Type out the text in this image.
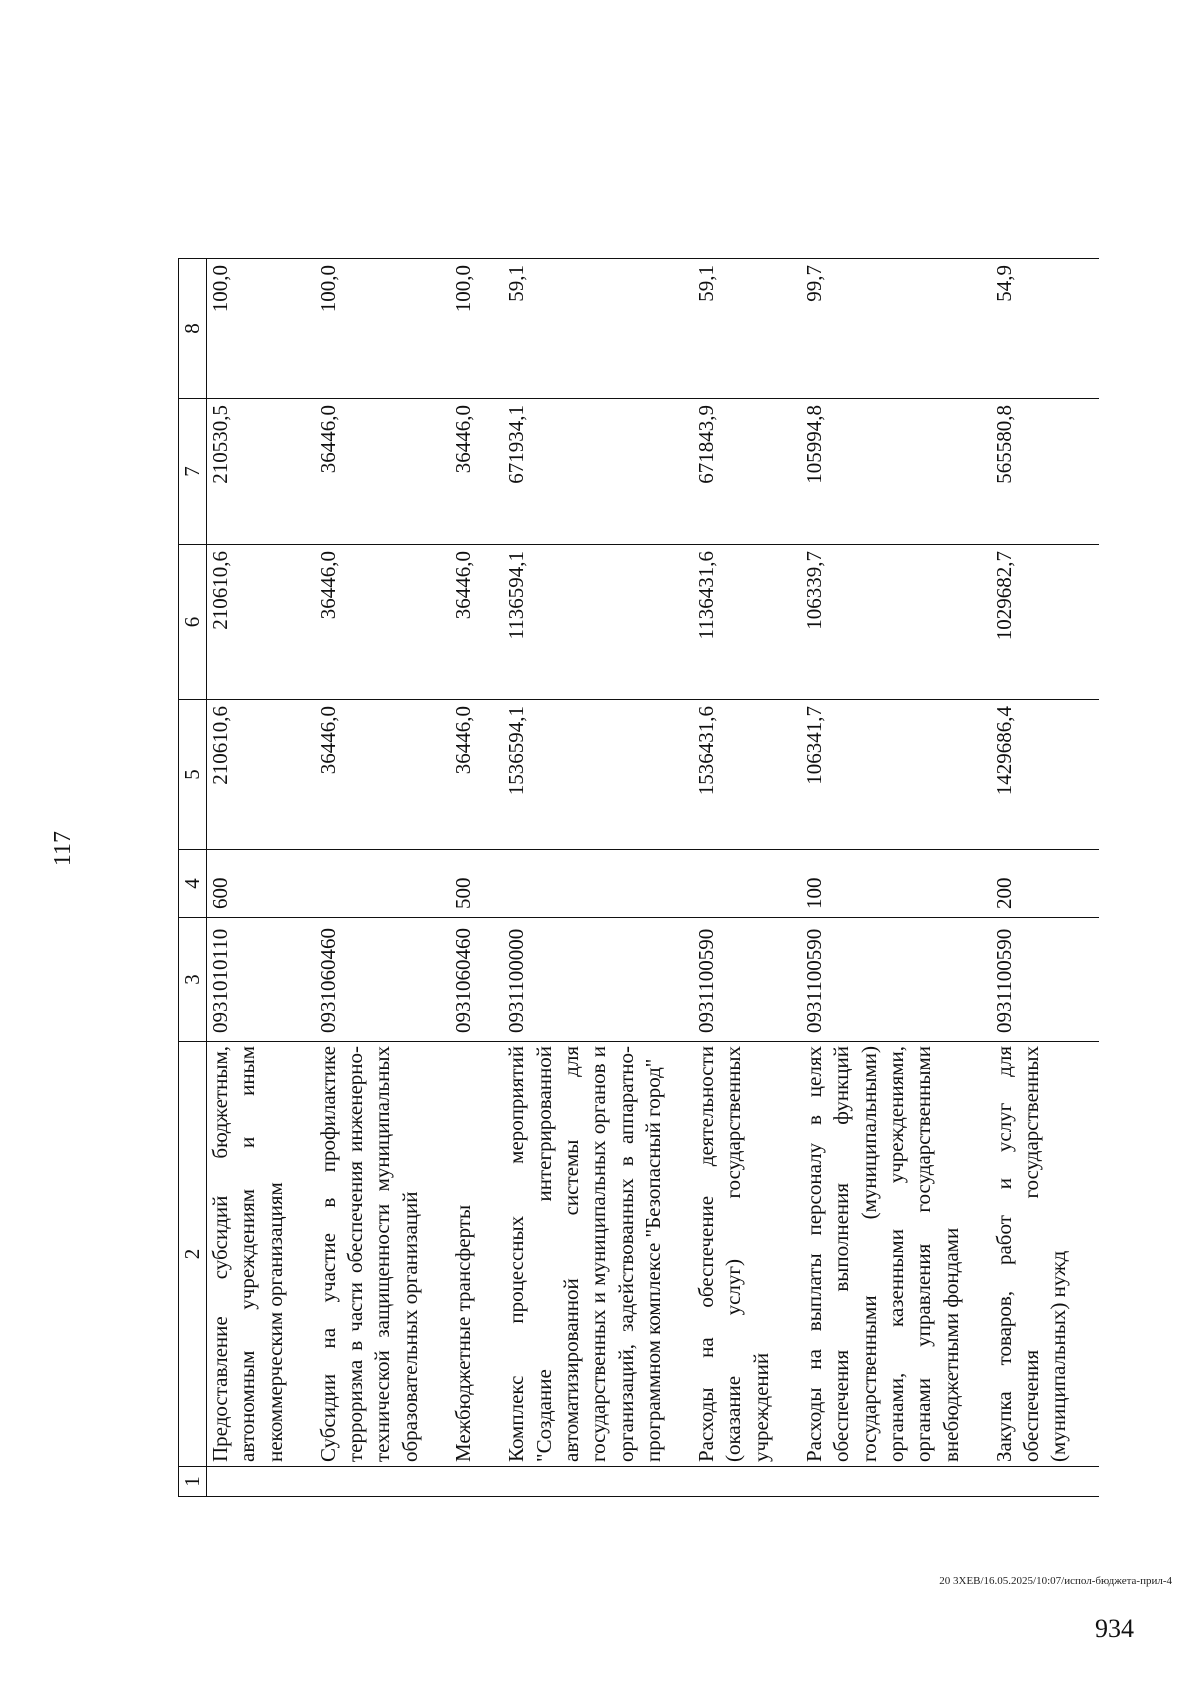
117
1	2	3	4	5	6	7	8
	Предоставление субсидий бюджетным, автономным учреждениям и иным некоммерческим организациям	0931010110	600	210610,6	210610,6	210530,5	100,0
	Субсидии на участие в профилактике терроризма в части обеспечения инженерно-технической защищенности муниципальных образовательных организаций	0931060460		36446,0	36446,0	36446,0	100,0
	Межбюджетные трансферты	0931060460	500	36446,0	36446,0	36446,0	100,0
	Комплекс процессных мероприятий "Создание интегрированной автоматизированной системы для государственных и муниципальных органов и организаций, задействованных в аппаратно-программном комплексе "Безопасный город"	0931100000		1536594,1	1136594,1	671934,1	59,1
	Расходы на обеспечение деятельности (оказание услуг) государственных учреждений	0931100590		1536431,6	1136431,6	671843,9	59,1
	Расходы на выплаты персоналу в целях обеспечения выполнения функций государственными (муниципальными) органами, казенными учреждениями, органами управления государственными внебюджетными фондами	0931100590	100	106341,7	106339,7	105994,8	99,7
	Закупка товаров, работ и услуг для обеспечения государственных (муниципальных) нужд	0931100590	200	1429686,4	1029682,7	565580,8	54,9
20 3ХЕВ/16.05.2025/10:07/испол-бюджета-прил-4
934
